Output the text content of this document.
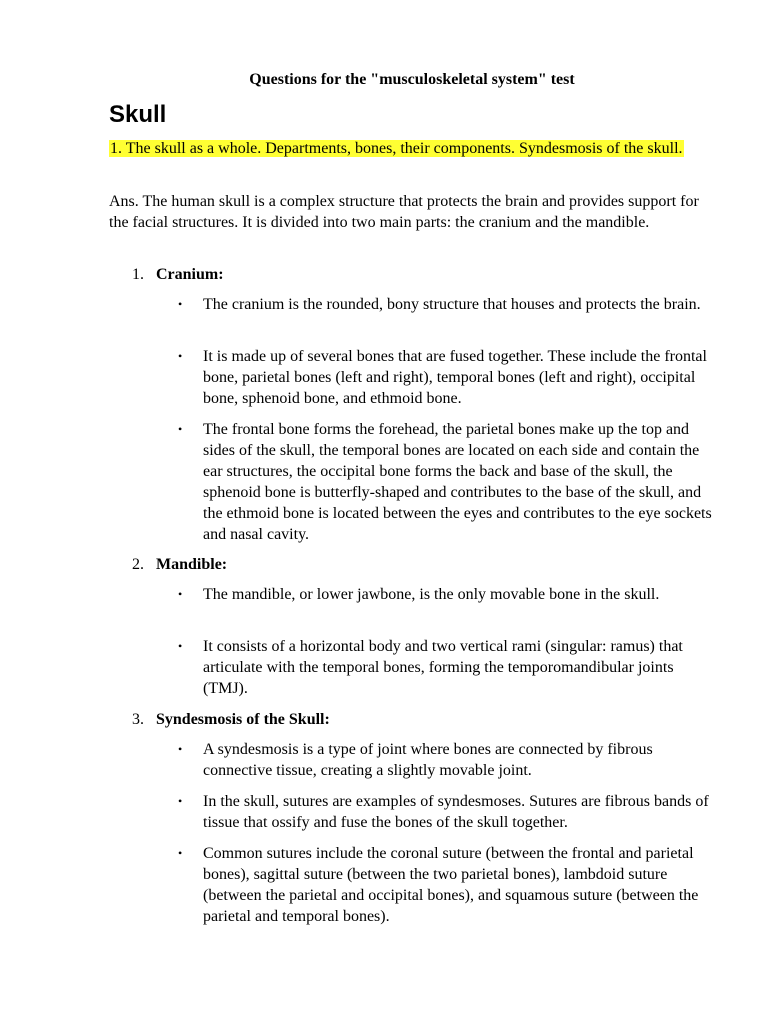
Questions for the "musculoskeletal system" test

Skull

1. The skull as a whole. Departments, bones, their components. Syndesmosis of the skull.

Ans. The human skull is a complex structure that protects the brain and provides support for the facial structures. It is divided into two main parts: the cranium and the mandible.

1. Cranium:

•	The cranium is the rounded, bony structure that houses and protects the brain.
•	It is made up of several bones that are fused together. These include the frontal bone, parietal bones (left and right), temporal bones (left and right), occipital bone, sphenoid bone, and ethmoid bone.
•	The frontal bone forms the forehead, the parietal bones make up the top and sides of the skull, the temporal bones are located on each side and contain the ear structures, the occipital bone forms the back and base of the skull, the sphenoid bone is butterfly-shaped and contributes to the base of the skull, and the ethmoid bone is located between the eyes and contributes to the eye sockets and nasal cavity.

2. Mandible:

•	The mandible, or lower jawbone, is the only movable bone in the skull.
•	It consists of a horizontal body and two vertical rami (singular: ramus) that articulate with the temporal bones, forming the temporomandibular joints (TMJ).

3. Syndesmosis of the Skull:

•	A syndesmosis is a type of joint where bones are connected by fibrous connective tissue, creating a slightly movable joint.
•	In the skull, sutures are examples of syndesmoses. Sutures are fibrous bands of tissue that ossify and fuse the bones of the skull together.
•	Common sutures include the coronal suture (between the frontal and parietal bones), sagittal suture (between the two parietal bones), lambdoid suture (between the parietal and occipital bones), and squamous suture (between the parietal and temporal bones).
